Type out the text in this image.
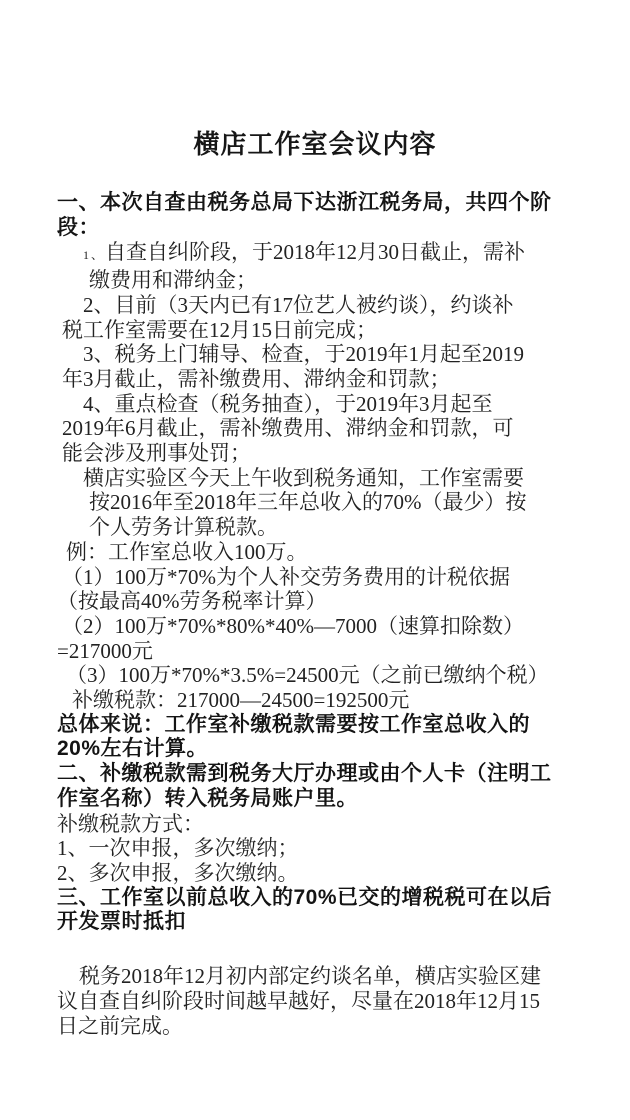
横店工作室会议内容
一、本次自查由税务总局下达浙江税务局，共四个阶
段：
1、自查自纠阶段，于2018年12月30日截止，需补
缴费用和滞纳金；
2、目前（3天内已有17位艺人被约谈），约谈补
税工作室需要在12月15日前完成；
3、税务上门辅导、检查，于2019年1月起至2019
年3月截止，需补缴费用、滞纳金和罚款；
4、重点检查（税务抽查），于2019年3月起至
2019年6月截止，需补缴费用、滞纳金和罚款，可
能会涉及刑事处罚；
横店实验区今天上午收到税务通知，工作室需要
按2016年至2018年三年总收入的70%（最少）按
个人劳务计算税款。
例：工作室总收入100万。
（1）100万*70%为个人补交劳务费用的计税依据
（按最高40%劳务税率计算）
（2）100万*70%*80%*40%—7000（速算扣除数）
=217000元
（3）100万*70%*3.5%=24500元（之前已缴纳个税）
补缴税款：217000—24500=192500元
总体来说：工作室补缴税款需要按工作室总收入的
20%左右计算。
二、补缴税款需到税务大厅办理或由个人卡（注明工
作室名称）转入税务局账户里。
补缴税款方式：
1、一次申报，多次缴纳；
2、多次申报，多次缴纳。
三、工作室以前总收入的70%已交的增税税可在以后
开发票时抵扣
税务2018年12月初内部定约谈名单，横店实验区建
议自查自纠阶段时间越早越好，尽量在2018年12月15
日之前完成。
